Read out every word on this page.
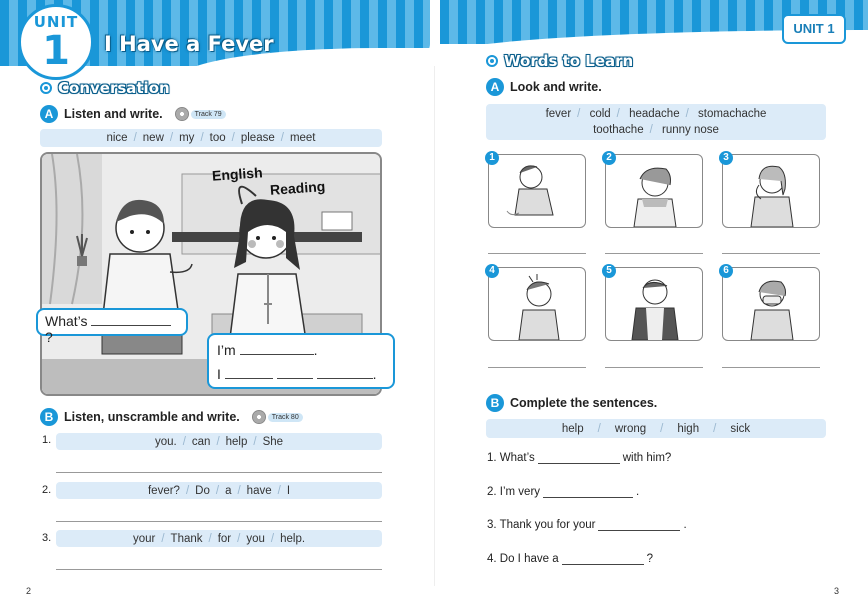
UNIT
1	I Have a Fever
UNIT 1
Conversation
A Listen and write.	Track 79
nice / new / my / too / please / meet
English
Reading
What’s  ?
I’m	.
I	.
B Listen, unscramble and write.	Track 80
1.	you. / can / help / She
2.	fever? / Do / a / have / I
3.	your / Thank / for / you / help.
2
Words to Learn
A Look and write.
fever / cold / headache / stomachache
toothache / runny nose
1	2	3
4	5	6
B Complete the sentences.
help	/	wrong	/	high	/	sick
1. What’s	with him?
2. I’m very	.
3. Thank you for your	.
4. Do I have a	?
3
